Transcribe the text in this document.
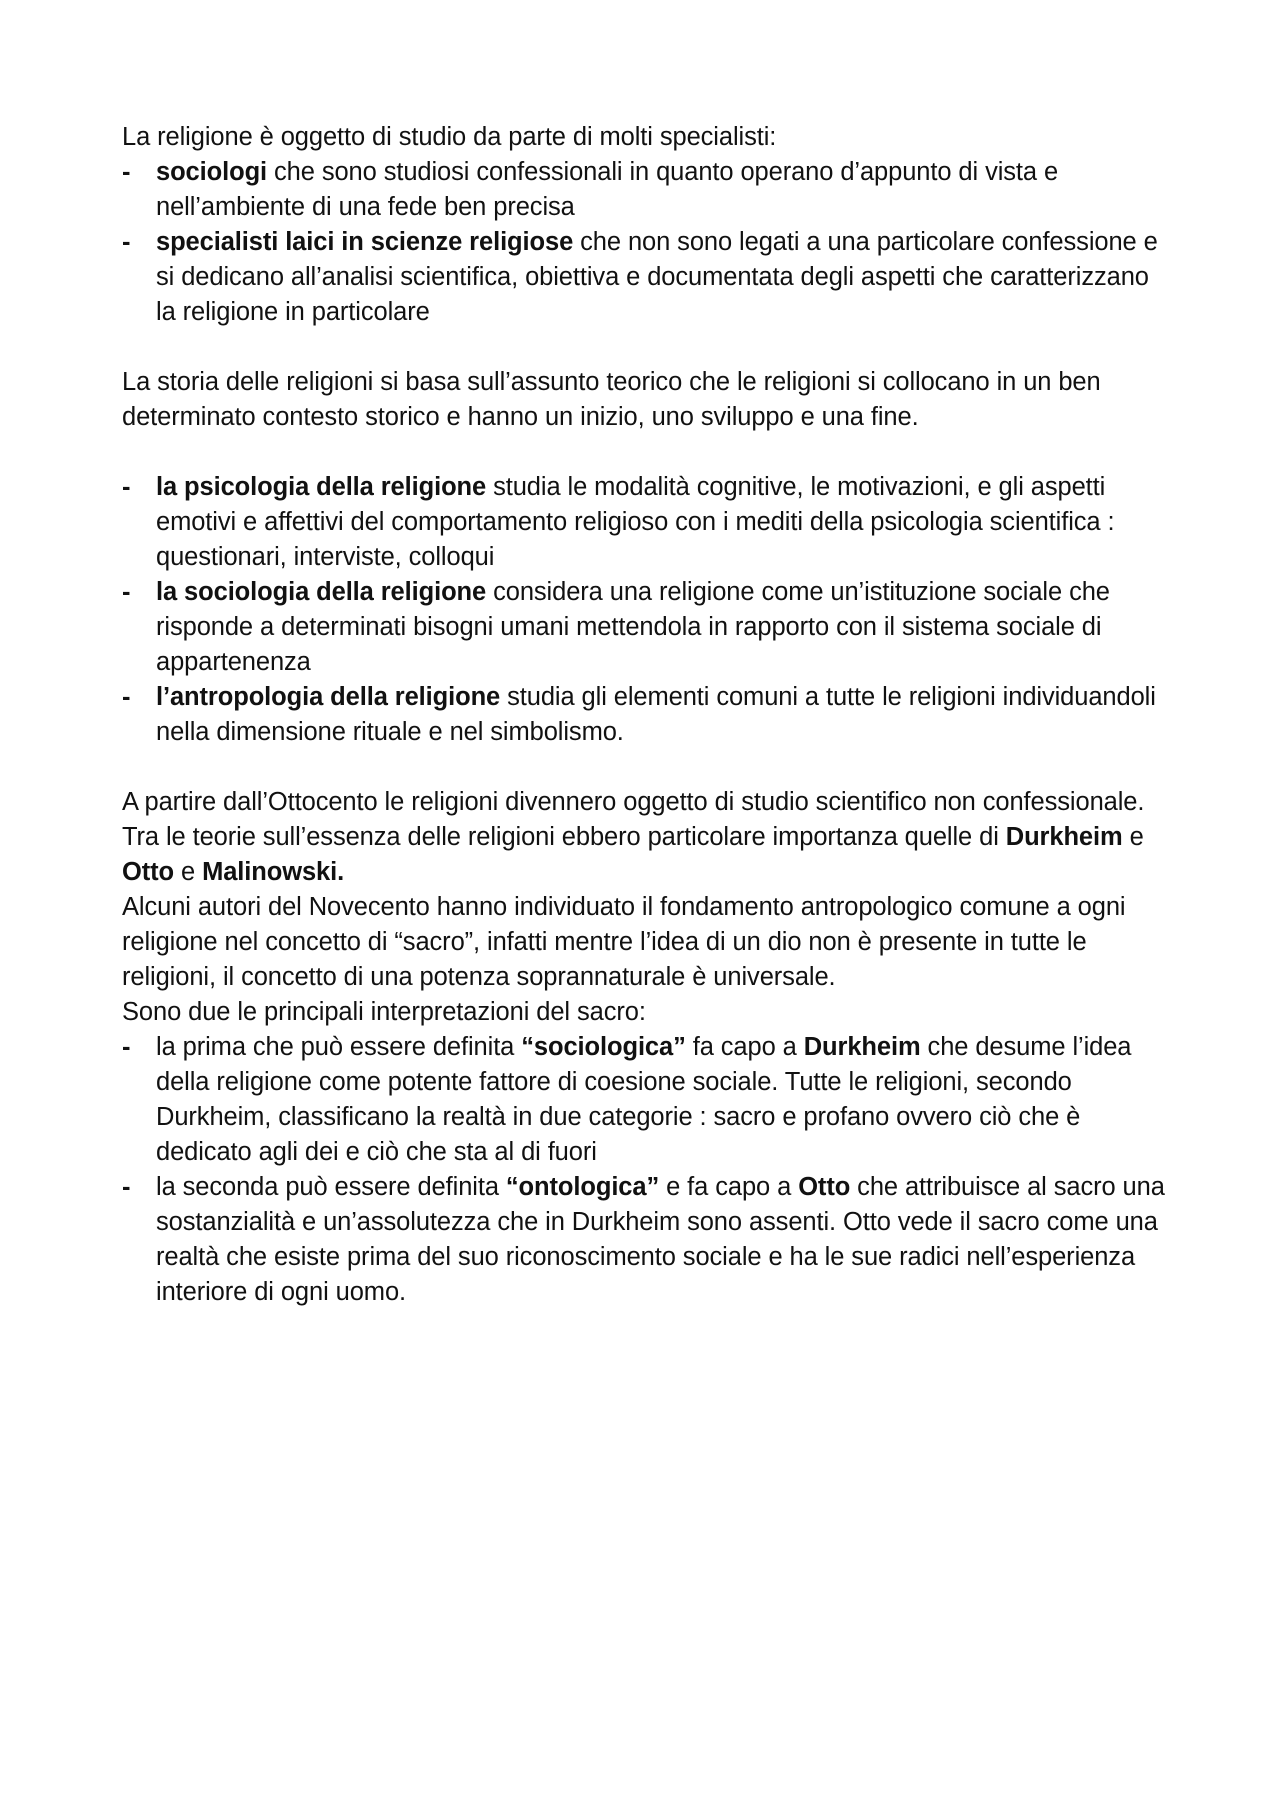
La religione è oggetto di studio da parte di molti specialisti:

-	sociologi che sono studiosi confessionali in quanto operano d’appunto di vista e nell’ambiente di una fede ben precisa
-	specialisti laici in scienze religiose che non sono legati a una particolare confessione e si dedicano all’analisi scientifica, obiettiva e documentata degli aspetti che caratterizzano la religione in particolare

La storia delle religioni si basa sull’assunto teorico che le religioni si collocano in un ben determinato contesto storico e hanno un inizio, uno sviluppo e una fine.

-	la psicologia della religione studia le modalità cognitive, le motivazioni, e gli aspetti emotivi e affettivi del comportamento religioso con i mediti della psicologia scientifica : questionari, interviste, colloqui
-	la sociologia della religione considera una religione come un’istituzione sociale che risponde a determinati bisogni umani mettendola in rapporto con il sistema sociale di appartenenza
-	l’antropologia della religione studia gli elementi comuni a tutte le religioni individuandoli nella dimensione rituale e nel simbolismo.

A partire dall’Ottocento le religioni divennero oggetto di studio scientifico non confessionale. Tra le teorie sull’essenza delle religioni ebbero particolare importanza quelle di Durkheim e Otto e Malinowski.

Alcuni autori del Novecento hanno individuato il fondamento antropologico comune a ogni religione nel concetto di “sacro”, infatti mentre l’idea di un dio non è presente in tutte le religioni, il concetto di una potenza soprannaturale è universale.

Sono due le principali interpretazioni del sacro:

-	la prima che può essere definita “sociologica” fa capo a Durkheim che desume l’idea della religione come potente fattore di coesione sociale. Tutte le religioni, secondo Durkheim, classificano la realtà in due categorie : sacro e profano ovvero ciò che è dedicato agli dei e ciò che sta al di fuori
-	la seconda può essere definita “ontologica” e fa capo a Otto che attribuisce al sacro una sostanzialità e un’assolutezza che in Durkheim sono assenti. Otto vede il sacro come una realtà che esiste prima del suo riconoscimento sociale e ha le sue radici nell’esperienza interiore di ogni uomo.
